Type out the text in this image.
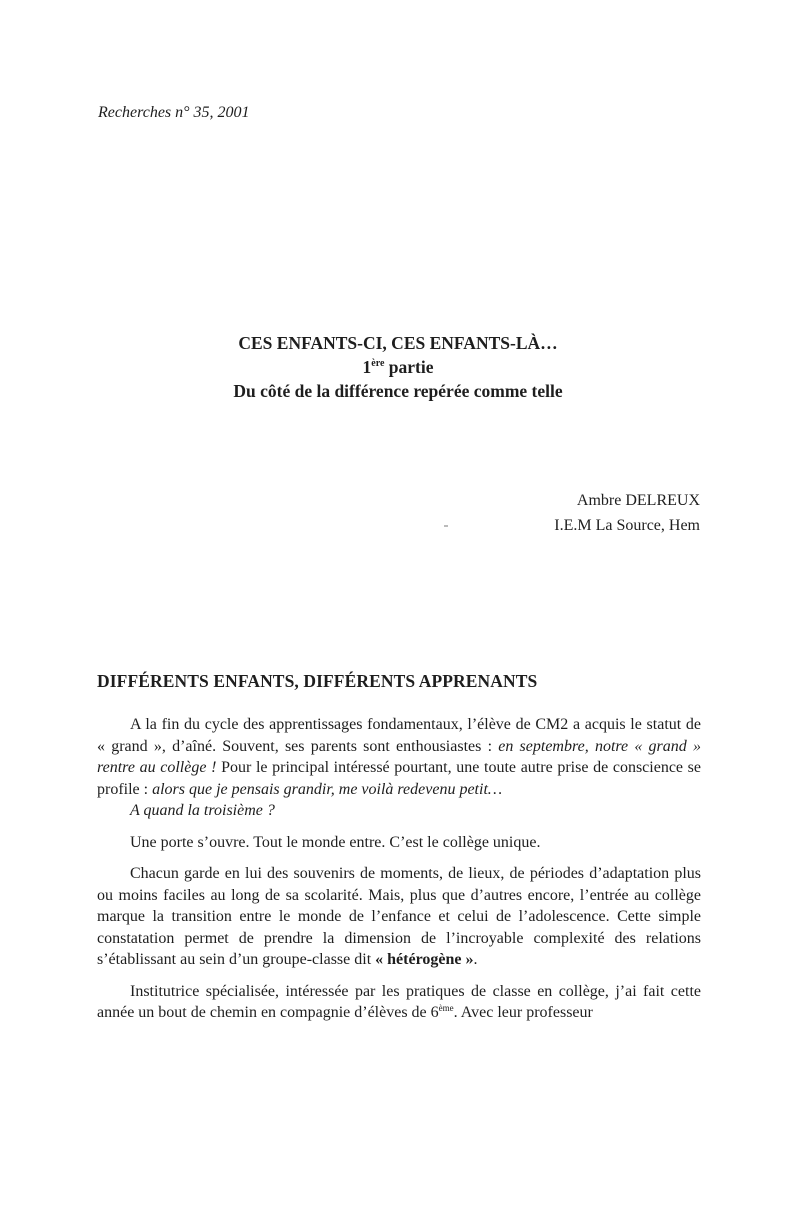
Recherches n° 35, 2001
CES ENFANTS-CI, CES ENFANTS-LÀ…
1ère partie
Du côté de la différence repérée comme telle
Ambre DELREUX
I.E.M La Source, Hem
DIFFÉRENTS ENFANTS, DIFFÉRENTS APPRENANTS

A la fin du cycle des apprentissages fondamentaux, l’élève de CM2 a acquis le statut de « grand », d’aîné. Souvent, ses parents sont enthousiastes : en septembre, notre « grand » rentre au collège ! Pour le principal intéressé pourtant, une toute autre prise de conscience se profile : alors que je pensais grandir, me voilà redevenu petit…

A quand la troisième ?

Une porte s’ouvre. Tout le monde entre. C’est le collège unique.

Chacun garde en lui des souvenirs de moments, de lieux, de périodes d’adaptation plus ou moins faciles au long de sa scolarité. Mais, plus que d’autres encore, l’entrée au collège marque la transition entre le monde de l’enfance et celui de l’adolescence. Cette simple constatation permet de prendre la dimension de l’incroyable complexité des relations s’établissant au sein d’un groupe-classe dit « hétérogène ».

Institutrice spécialisée, intéressée par les pratiques de classe en collège, j’ai fait cette année un bout de chemin en compagnie d’élèves de 6ème. Avec leur professeur
